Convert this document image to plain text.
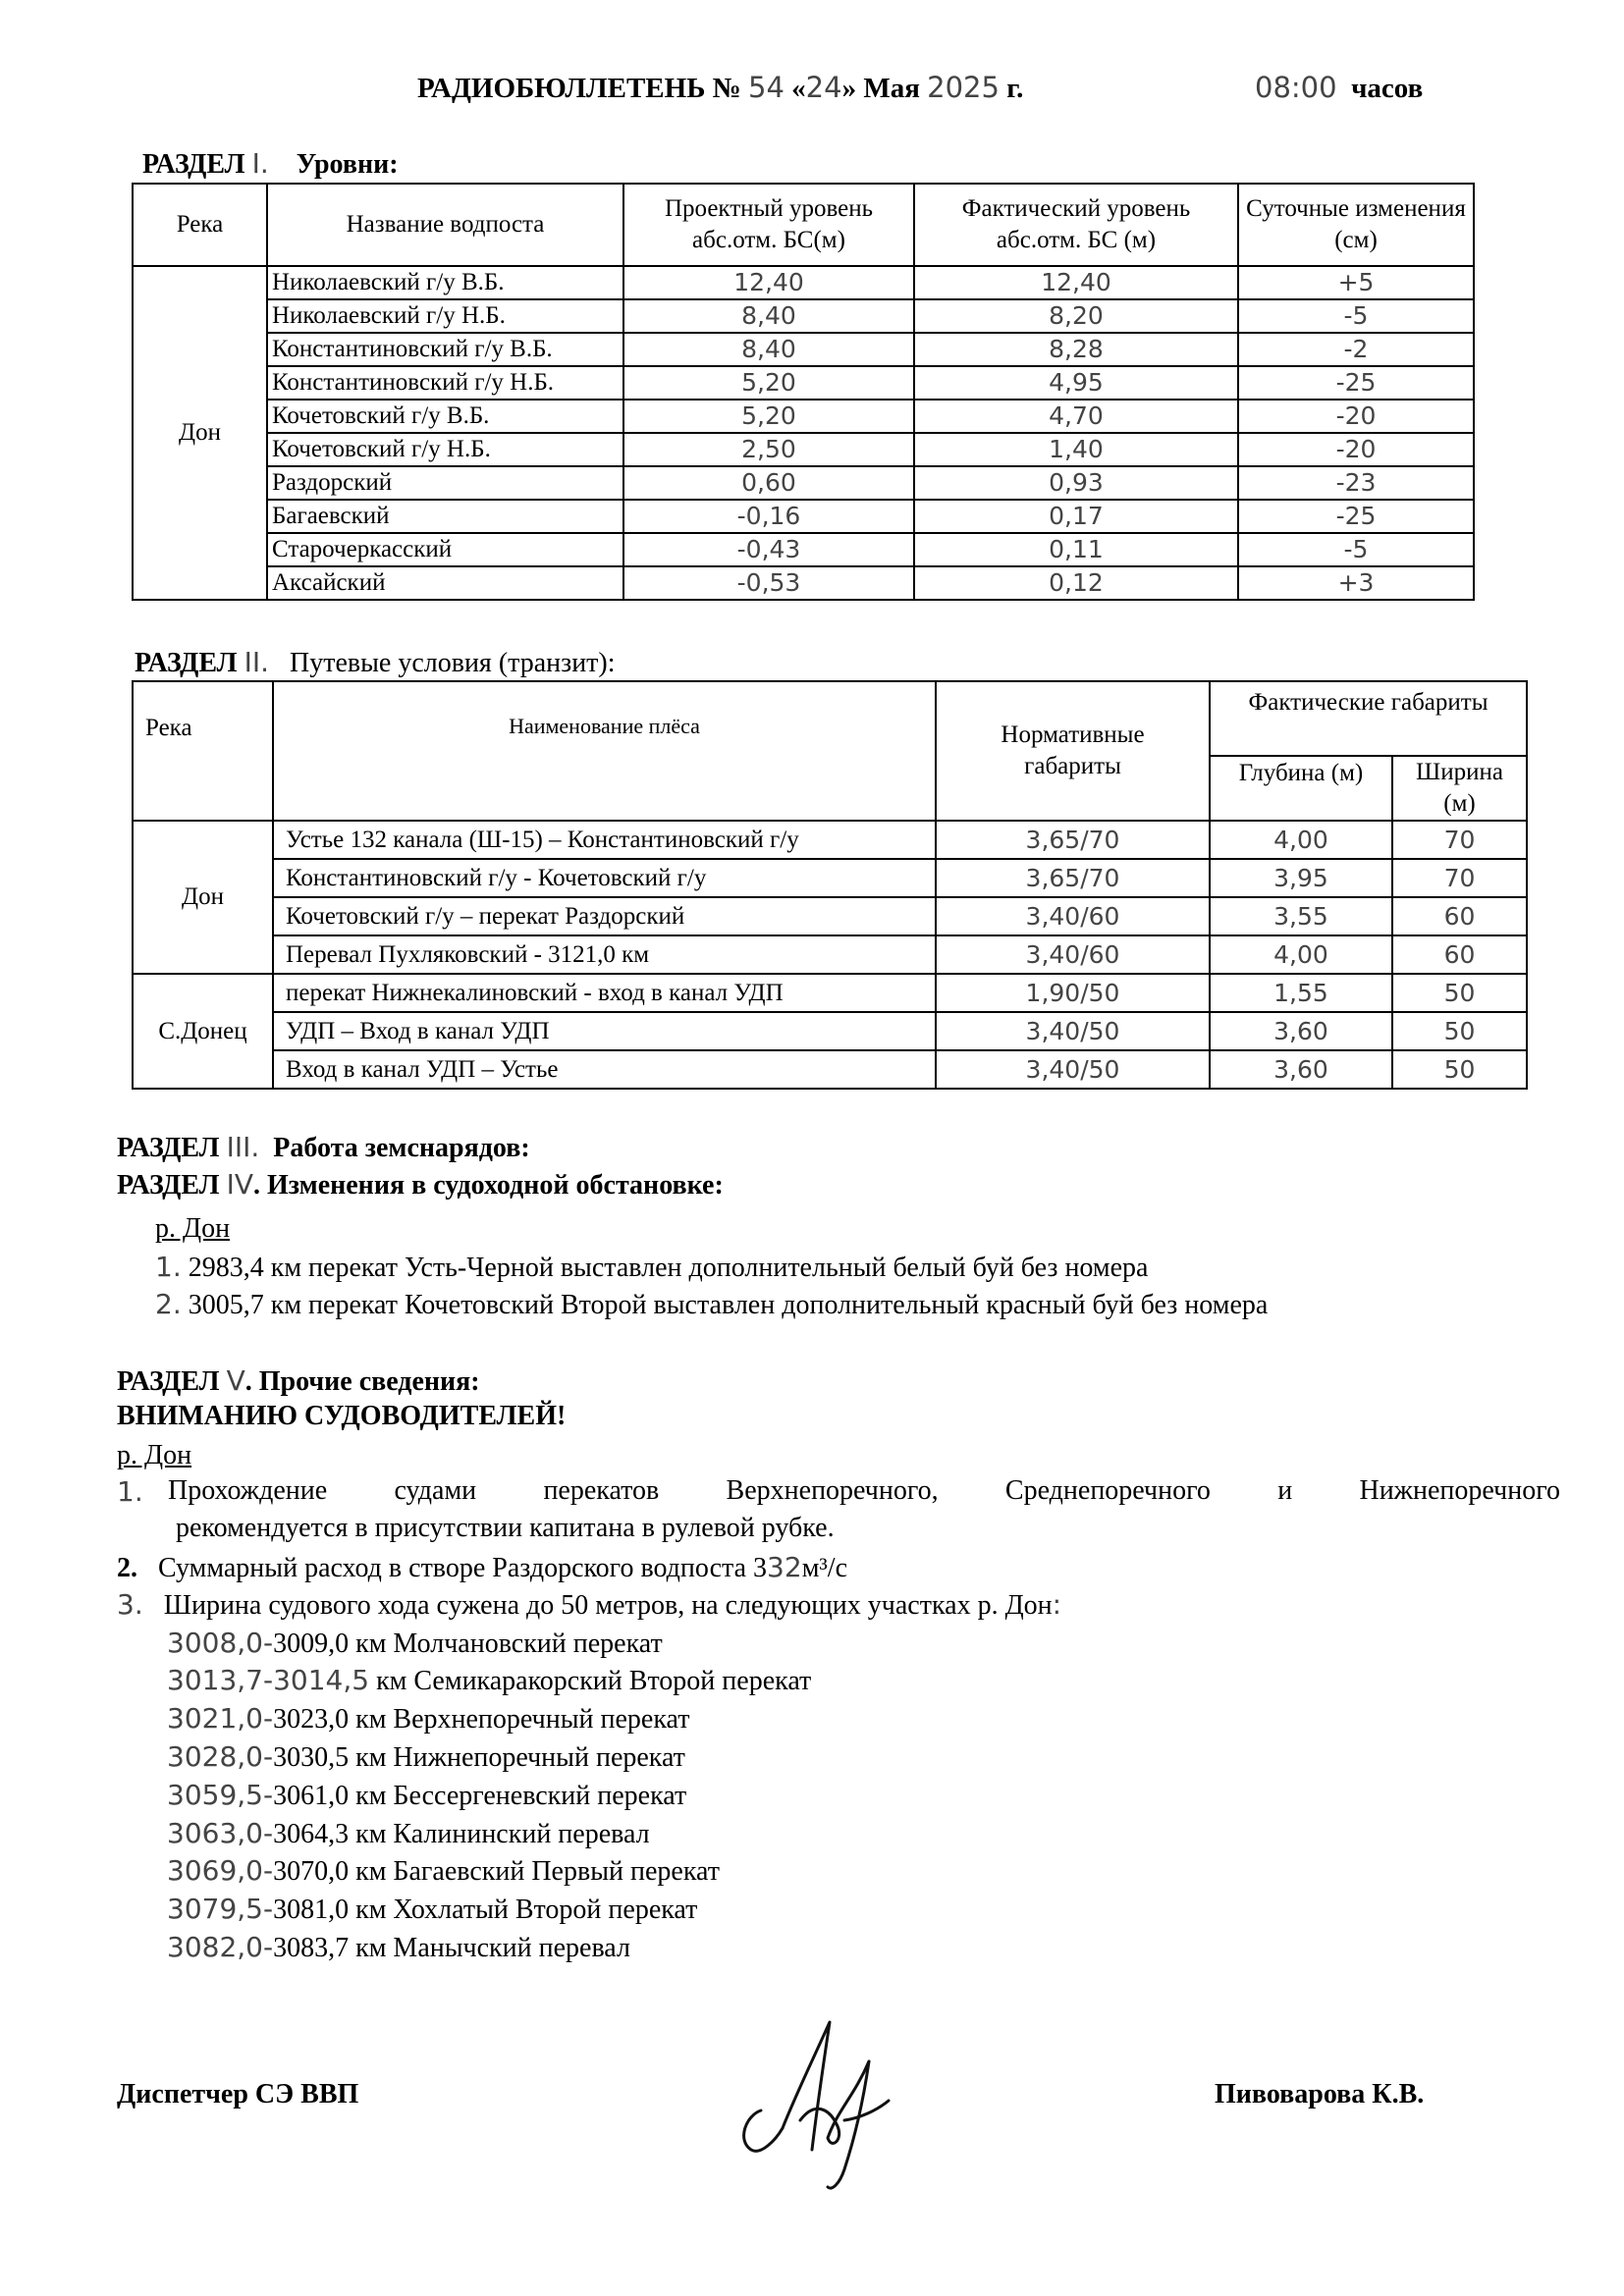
РАДИОБЮЛЛЕТЕНЬ № 54 «24» Мая 2025 г.	08:00 часов
РАЗДЕЛ I. Уровни:
Река	Название водпоста	Проектный уровень абс.отм. БС(м)	Фактический уровень абс.отм. БС (м)	Суточные изменения (см)
Дон	Николаевский г/у В.Б.	12,40	12,40	+5
	Николаевский г/у Н.Б.	8,40	8,20	-5
	Константиновский г/у В.Б.	8,40	8,28	-2
	Константиновский г/у Н.Б.	5,20	4,95	-25
	Кочетовский г/у В.Б.	5,20	4,70	-20
	Кочетовский г/у Н.Б.	2,50	1,40	-20
	Раздорский	0,60	0,93	-23
	Багаевский	-0,16	0,17	-25
	Старочеркасский	-0,43	0,11	-5
	Аксайский	-0,53	0,12	+3
РАЗДЕЛ II. Путевые условия (транзит):
Река	Наименование плёса	Нормативные габариты	Фактические габариты	
			Глубина (м)	Ширина (м)
Дон	Устье 132 канала (Ш-15) – Константиновский г/у	3,65/70	4,00	70
	Константиновский г/у - Кочетовский г/у	3,65/70	3,95	70
	Кочетовский г/у – перекат Раздорский	3,40/60	3,55	60
	Перевал Пухляковский - 3121,0 км	3,40/60	4,00	60
С.Донец	перекат Нижнекалиновский - вход в канал УДП	1,90/50	1,55	50
	УДП – Вход в канал УДП	3,40/50	3,60	50
	Вход в канал УДП – Устье	3,40/50	3,60	50
РАЗДЕЛ III. Работа земснарядов:
РАЗДЕЛ IV. Изменения в судоходной обстановке:
р. Дон
1. 2983,4 км перекат Усть-Черной выставлен дополнительный белый буй без номера
2. 3005,7 км перекат Кочетовский Второй выставлен дополнительный красный буй без номера
РАЗДЕЛ V. Прочие сведения:
ВНИМАНИЮ СУДОВОДИТЕЛЕЙ!
р. Дон
1. Прохождение судами перекатов Верхнепоречного, Среднепоречного и Нижнепоречного
рекомендуется в присутствии капитана в рулевой рубке.
2. Суммарный расход в створе Раздорского водпоста 332м³/с
3. Ширина судового хода сужена до 50 метров, на следующих участках р. Дон:
3008,0-3009,0 км Молчановский перекат
3013,7-3014,5 км Семикаракорский Второй перекат
3021,0-3023,0 км Верхнепоречный перекат
3028,0-3030,5 км Нижнепоречный перекат
3059,5-3061,0 км Бессергеневский перекат
3063,0-3064,3 км Калининский перевал
3069,0-3070,0 км Багаевский Первый перекат
3079,5-3081,0 км Хохлатый Второй перекат
3082,0-3083,7 км Манычский перевал
Диспетчер СЭ ВВП	Пивоварова К.В.
